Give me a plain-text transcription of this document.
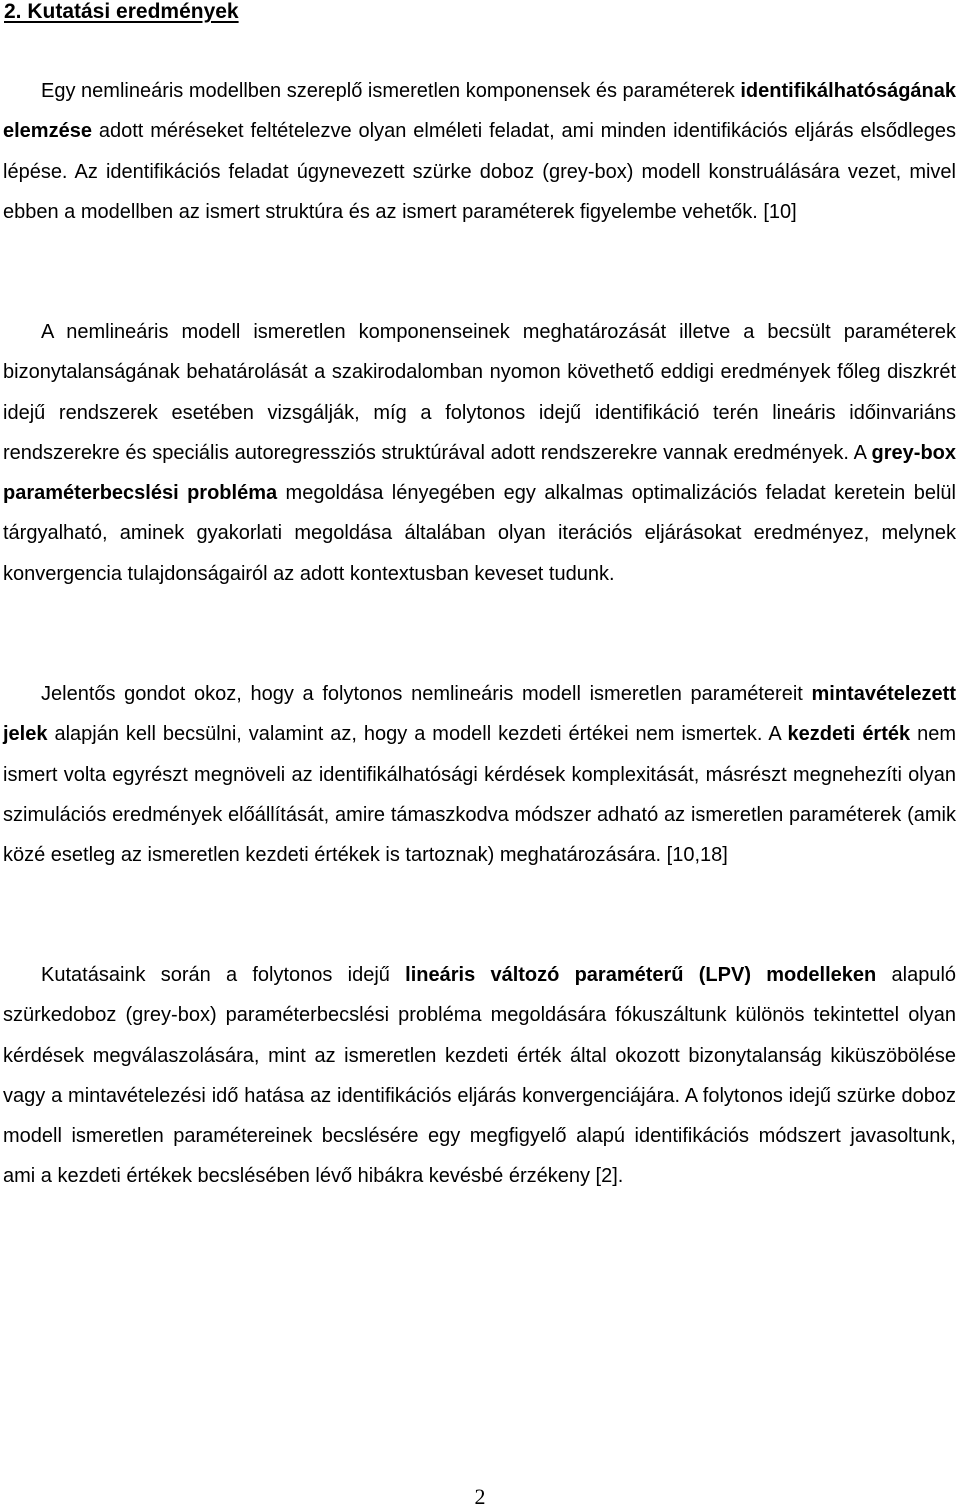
2. Kutatási eredmények

Egy nemlineáris modellben szereplő ismeretlen komponensek és paraméterek identifikálhatóságának elemzése adott méréseket feltételezve olyan elméleti feladat, ami minden identifikációs eljárás elsődleges lépése. Az identifikációs feladat úgynevezett szürke doboz (grey-box) modell konstruálására vezet, mivel ebben a modellben az ismert struktúra és az ismert paraméterek figyelembe vehetők. [10]

A nemlineáris modell ismeretlen komponenseinek meghatározását illetve a becsült paraméterek bizonytalanságának behatárolását a szakirodalomban nyomon követhető eddigi eredmények főleg diszkrét idejű rendszerek esetében vizsgálják, míg a folytonos idejű identifikáció terén lineáris időinvariáns rendszerekre és speciális autoregressziós struktúrával adott rendszerekre vannak eredmények. A grey-box paraméterbecslési probléma megoldása lényegében egy alkalmas optimalizációs feladat keretein belül tárgyalható, aminek gyakorlati megoldása általában olyan iterációs eljárásokat eredményez, melynek konvergencia tulajdonságairól az adott kontextusban keveset tudunk.

Jelentős gondot okoz, hogy a folytonos nemlineáris modell ismeretlen paramétereit mintavételezett jelek alapján kell becsülni, valamint az, hogy a modell kezdeti értékei nem ismertek. A kezdeti érték nem ismert volta egyrészt megnöveli az identifikálhatósági kérdések komplexitását, másrészt megnehezíti olyan szimulációs eredmények előállítását, amire támaszkodva módszer adható az ismeretlen paraméterek (amik közé esetleg az ismeretlen kezdeti értékek is tartoznak) meghatározására. [10,18]

Kutatásaink során a folytonos idejű lineáris változó paraméterű (LPV) modelleken alapuló szürkedoboz (grey-box) paraméterbecslési probléma megoldására fókuszáltunk különös tekintettel olyan kérdések megválaszolására, mint az ismeretlen kezdeti érték által okozott bizonytalanság kiküszöbölése vagy a mintavételezési idő hatása az identifikációs eljárás konvergenciájára. A folytonos idejű szürke doboz modell ismeretlen paramétereinek becslésére egy megfigyelő alapú identifikációs módszert javasoltunk, ami a kezdeti értékek becslésében lévő hibákra kevésbé érzékeny [2].

2
